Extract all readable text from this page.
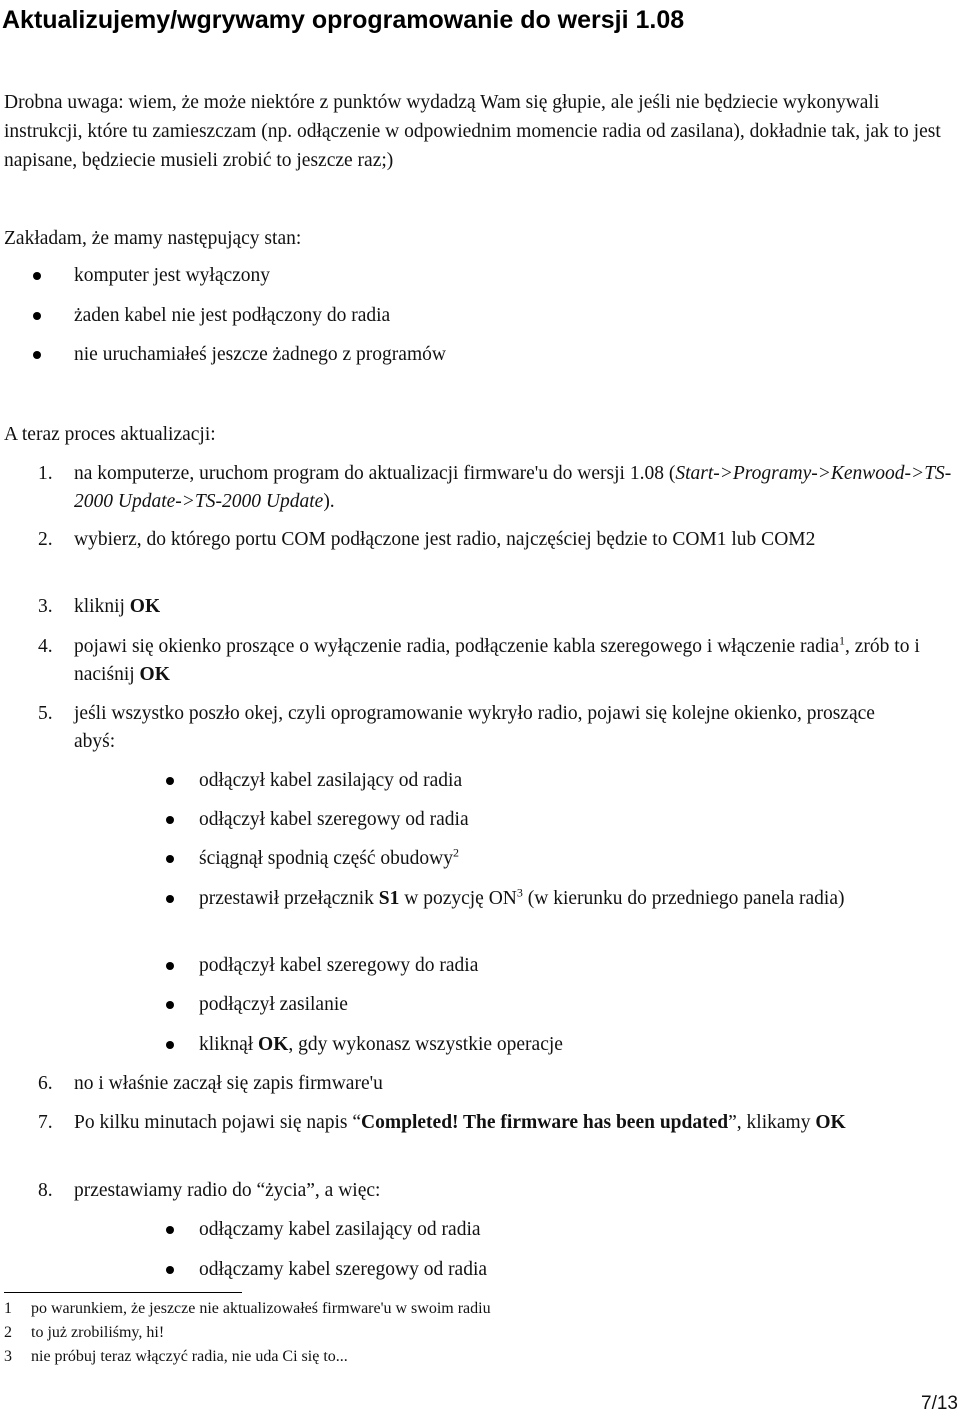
Aktualizujemy/wgrywamy oprogramowanie do wersji 1.08
Drobna uwaga: wiem, że może niektóre z punktów wydadzą Wam się głupie, ale jeśli nie będziecie wykonywali instrukcji, które tu zamieszczam (np. odłączenie w odpowiednim momencie radia od zasilana), dokładnie tak, jak to jest napisane, będziecie musieli zrobić to jeszcze raz;)
Zakładam, że mamy następujący stan:
komputer jest wyłączony
żaden kabel nie jest podłączony do radia
nie uruchamiałeś jeszcze żadnego z programów
A teraz proces aktualizacji:
1. na komputerze, uruchom program do aktualizacji firmware'u do wersji 1.08 (Start->Programy->Kenwood->TS-2000 Update->TS-2000 Update).
2. wybierz, do którego portu COM podłączone jest radio, najczęściej będzie to COM1 lub COM2
3. kliknij OK
4. pojawi się okienko proszące o wyłączenie radia, podłączenie kabla szeregowego i włączenie radia$^1$, zrób to i naciśnij OK
5. jeśli wszystko poszło okej, czyli oprogramowanie wykryło radio, pojawi się kolejne okienko, proszące abyś:
odłączył kabel zasilający od radia
odłączył kabel szeregowy od radia
ściągnął spodnią część obudowy$^2$
przestawił przełącznik S1 w pozycję $ON^3$ (w kierunku do przedniego panela radia)
podłączył kabel szeregowy do radia
podłączył zasilanie
kliknął OK, gdy wykonasz wszystkie operacje
6. no i właśnie zaczął się zapis firmware'u
7. Po kilku minutach pojawi się napis “Completed! The firmware has been updated”, klikamy OK
8. przestawiamy radio do “życia”, a więc:
odłączamy kabel zasilający od radia
odłączamy kabel szeregowy od radia
1 po warunkiem, że jeszcze nie aktualizowałeś firmware'u w swoim radiu
2 to już zrobiliśmy, hi!
3 nie próbuj teraz włączyć radia, nie uda Ci się to...
7/13
